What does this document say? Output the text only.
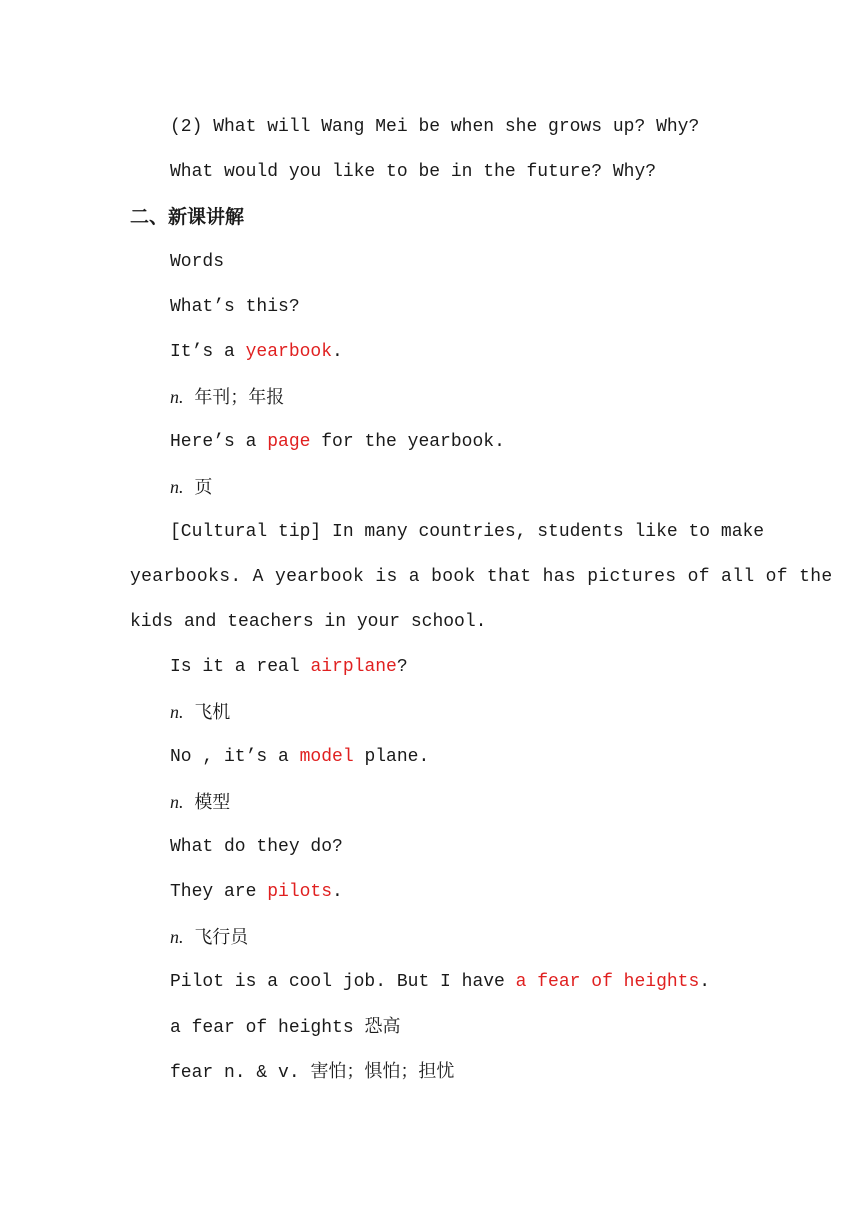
(2) What will Wang Mei be when she grows up? Why?
What would you like to be in the future? Why?
二、新课讲解
Words
What’s this?
It’s a yearbook.
n. 年刊；年报
Here’s a page for the yearbook.
n. 页
[Cultural tip] In many countries, students like to make
yearbooks. A yearbook is a book that has pictures of all of the
kids and teachers in your school.
Is it a real airplane?
n. 飞机
No , it’s a model plane.
n. 模型
What do they do?
They are pilots.
n. 飞行员
Pilot is a cool job. But I have a fear of heights.
a fear of heights 恐高
fear n. & v. 害怕；惧怕；担忧
